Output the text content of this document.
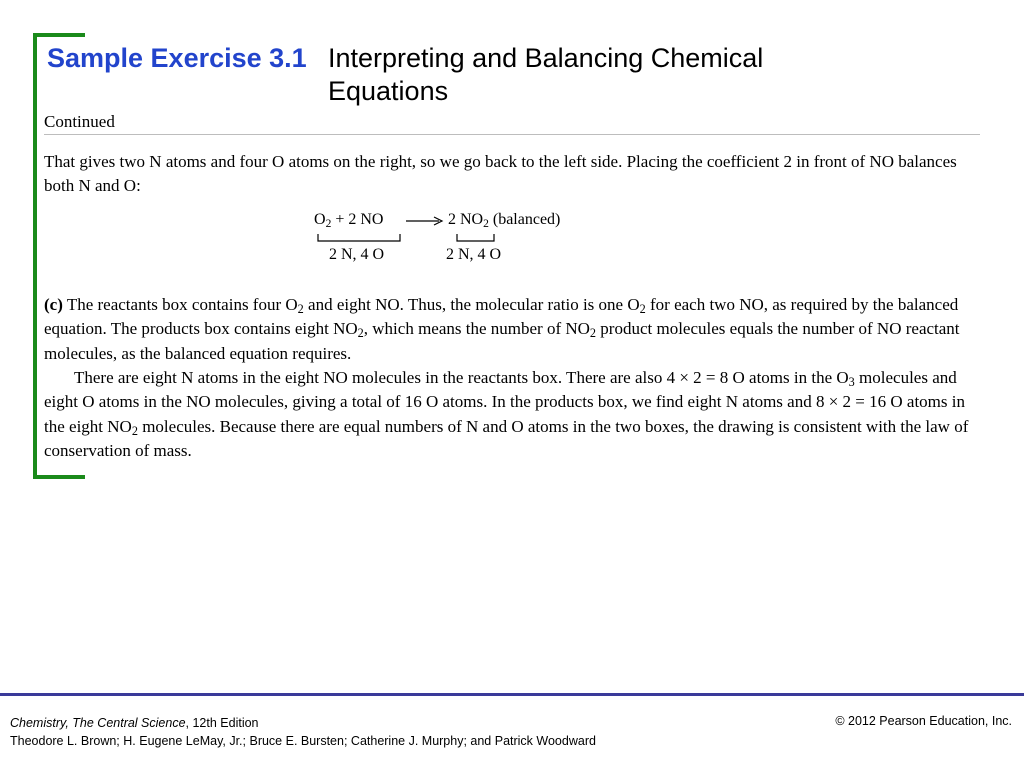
Sample Exercise 3.1 Interpreting and Balancing Chemical
Equations
Continued
That gives two N atoms and four O atoms on the right, so we go back to the left side. Placing the coefficient 2 in front of NO balances both N and O:
$O_2 + 2$ NO → 2 $NO_2$ (balanced)
2 N, 4 O	2 N, 4 O
(c) The reactants box contains four $O_2$ and eight NO. Thus, the molecular ratio is one $O_2$ for each two NO, as required by the balanced equation. The products box contains eight $NO_2$, which means the number of $NO_2$ product molecules equals the number of NO reactant molecules, as the balanced equation requires.
There are eight N atoms in the eight NO molecules in the reactants box. There are also 4 × 2 = 8 O atoms in the $O_3$ molecules and eight O atoms in the NO molecules, giving a total of 16 O atoms. In the products box, we find eight N atoms and 8 × 2 = 16 O atoms in the eight $NO_2$ molecules. Because there are equal numbers of N and O atoms in the two boxes, the drawing is consistent with the law of conservation of mass.
Chemistry, The Central Science, 12th Edition
Theodore L. Brown; H. Eugene LeMay, Jr.; Bruce E. Bursten; Catherine J. Murphy; and Patrick Woodward
© 2012 Pearson Education, Inc.
